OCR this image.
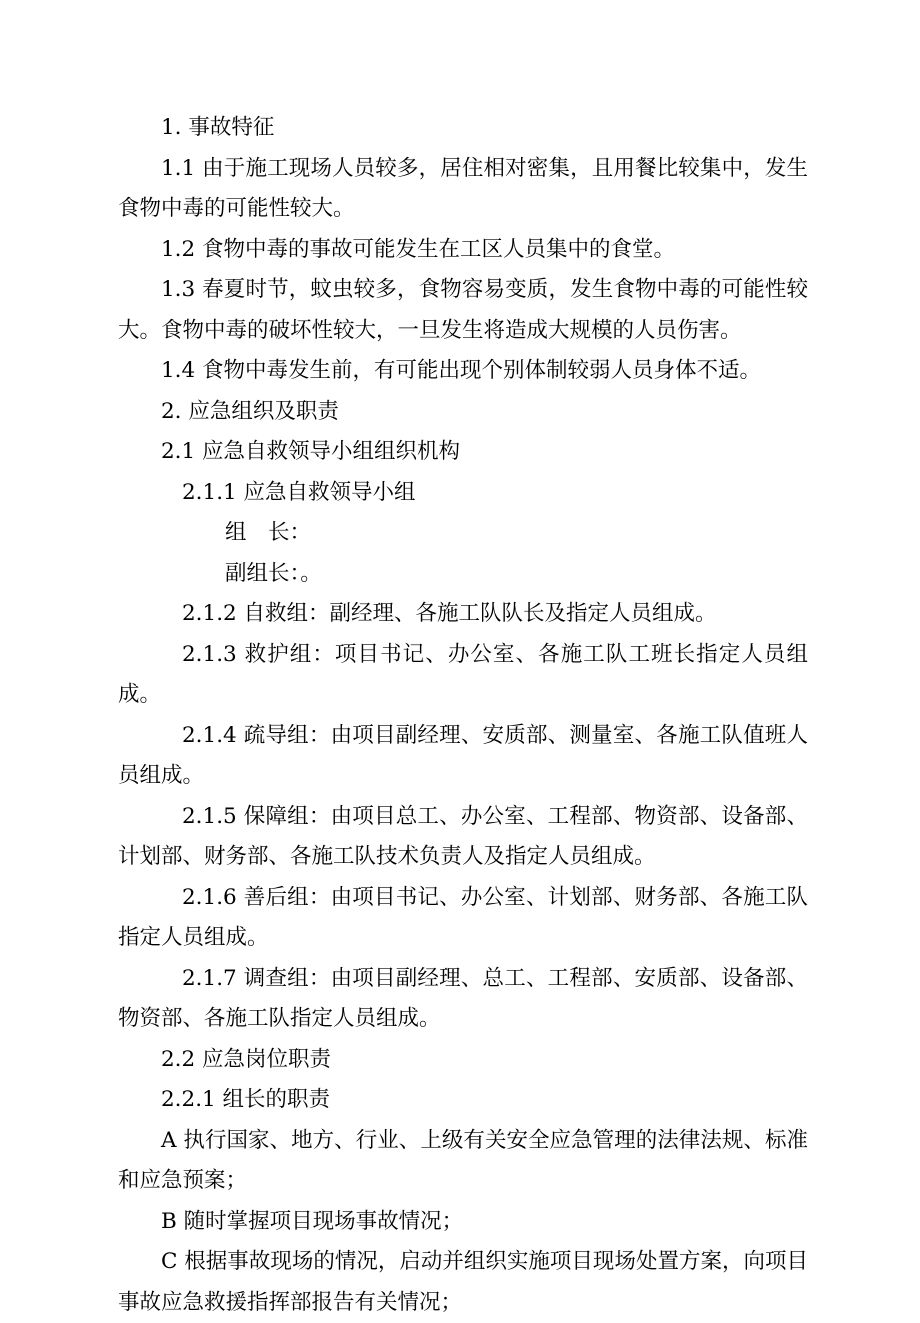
1. 事故特征

1.1 由于施工现场人员较多，居住相对密集，且用餐比较集中，发生食物中毒的可能性较大。

1.2 食物中毒的事故可能发生在工区人员集中的食堂。

1.3 春夏时节，蚊虫较多，食物容易变质，发生食物中毒的可能性较大。食物中毒的破坏性较大，一旦发生将造成大规模的人员伤害。

1.4 食物中毒发生前，有可能出现个别体制较弱人员身体不适。

2. 应急组织及职责

2.1 应急自救领导小组组织机构

2.1.1 应急自救领导小组

组　长：

副组长：。

2.1.2 自救组：副经理、各施工队队长及指定人员组成。

2.1.3 救护组：项目书记、办公室、各施工队工班长指定人员组成。

2.1.4 疏导组：由项目副经理、安质部、测量室、各施工队值班人员组成。

2.1.5 保障组：由项目总工、办公室、工程部、物资部、设备部、计划部、财务部、各施工队技术负责人及指定人员组成。

2.1.6 善后组：由项目书记、办公室、计划部、财务部、各施工队指定人员组成。

2.1.7 调查组：由项目副经理、总工、工程部、安质部、设备部、物资部、各施工队指定人员组成。

2.2 应急岗位职责

2.2.1 组长的职责

A 执行国家、地方、行业、上级有关安全应急管理的法律法规、标准和应急预案；

B 随时掌握项目现场事故情况；

C 根据事故现场的情况，启动并组织实施项目现场处置方案，向项目事故应急救援指挥部报告有关情况；
